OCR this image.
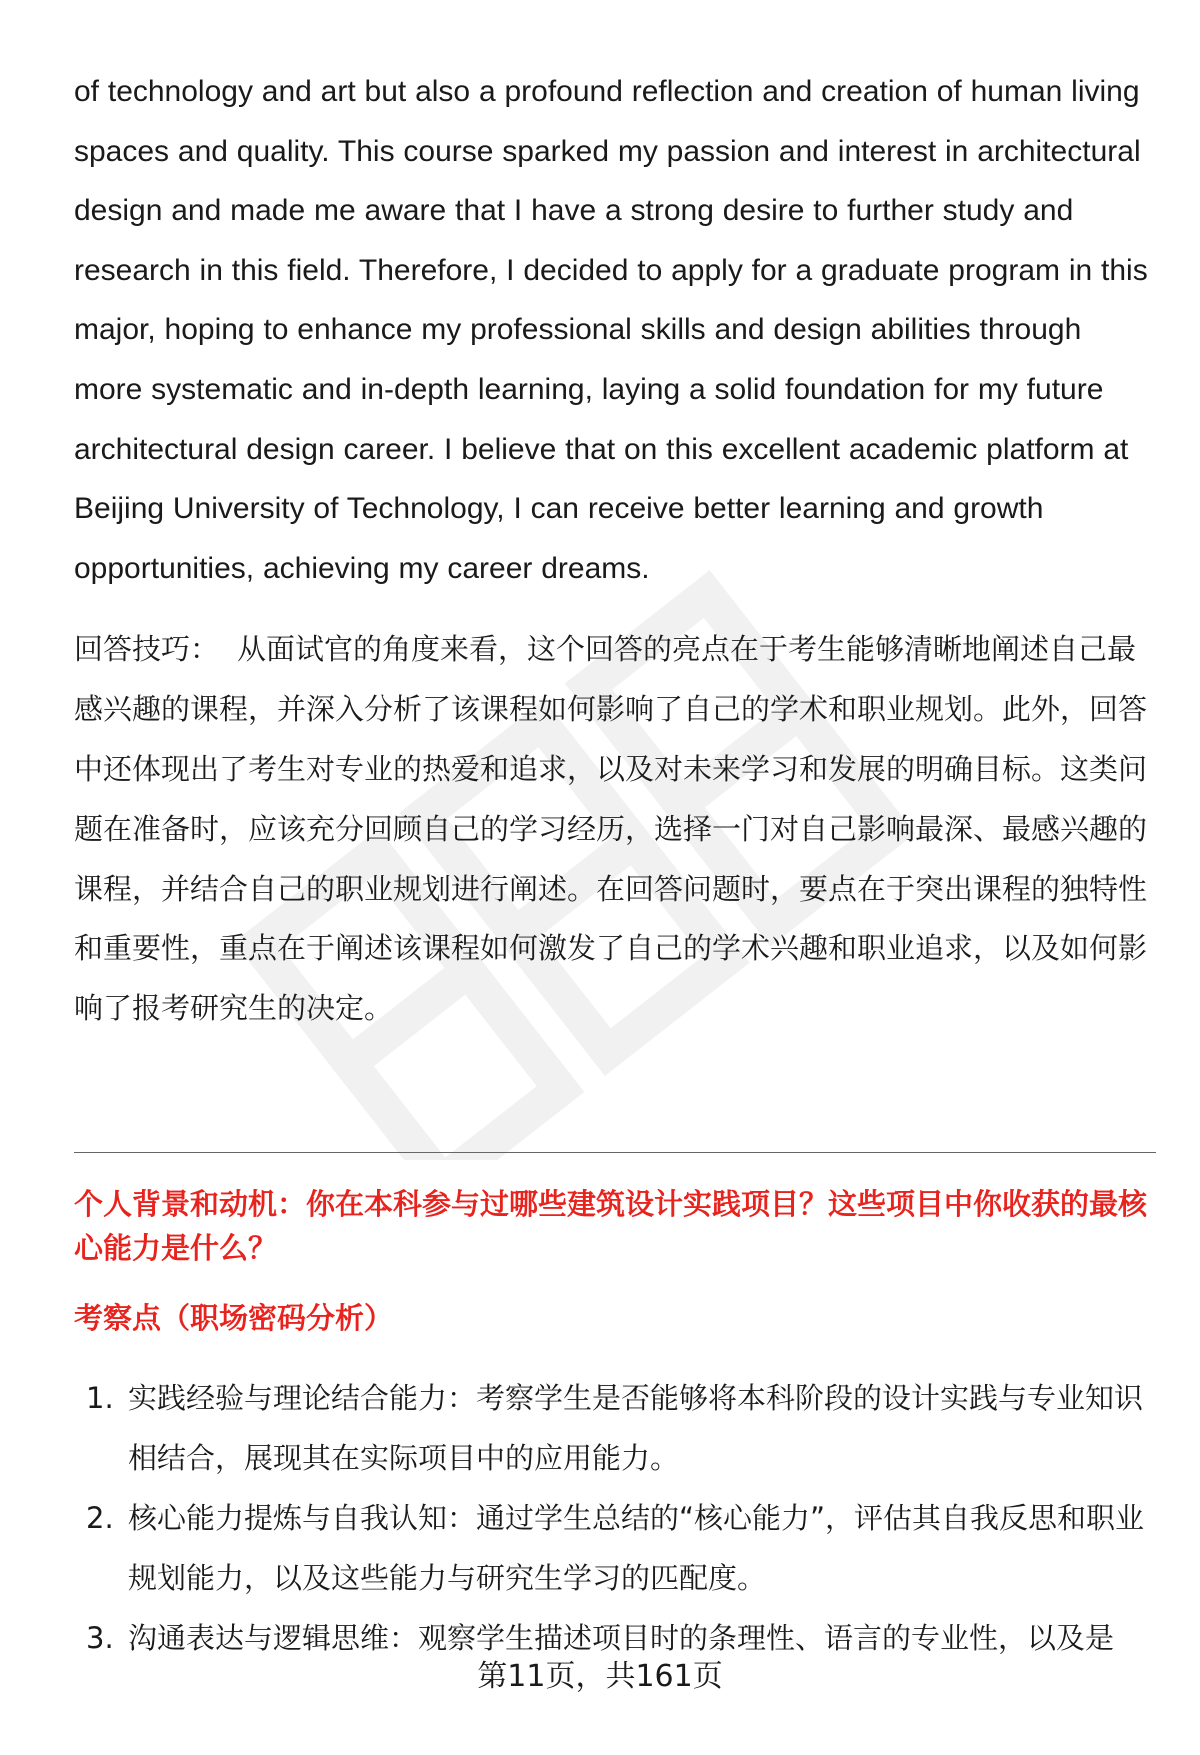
of technology and art but also a profound reflection and creation of human living spaces and quality. This course sparked my passion and interest in architectural design and made me aware that I have a strong desire to further study and research in this field. Therefore, I decided to apply for a graduate program in this major, hoping to enhance my professional skills and design abilities through more systematic and in-depth learning, laying a solid foundation for my future architectural design career. I believe that on this excellent academic platform at Beijing University of Technology, I can receive better learning and growth opportunities, achieving my career dreams.

回答技巧： 从面试官的角度来看，这个回答的亮点在于考生能够清晰地阐述自己最感兴趣的课程，并深入分析了该课程如何影响了自己的学术和职业规划。此外，回答中还体现出了考生对专业的热爱和追求，以及对未来学习和发展的明确目标。这类问题在准备时，应该充分回顾自己的学习经历，选择一门对自己影响最深、最感兴趣的课程，并结合自己的职业规划进行阐述。在回答问题时，要点在于突出课程的独特性和重要性，重点在于阐述该课程如何激发了自己的学术兴趣和职业追求，以及如何影响了报考研究生的决定。

个人背景和动机：你在本科参与过哪些建筑设计实践项目？这些项目中你收获的最核心能力是什么？
考察点（职场密码分析）
1. 实践经验与理论结合能力：考察学生是否能够将本科阶段的设计实践与专业知识相结合，展现其在实际项目中的应用能力。
2. 核心能力提炼与自我认知：通过学生总结的“核心能力”，评估其自我反思和职业规划能力，以及这些能力与研究生学习的匹配度。
3. 沟通表达与逻辑思维：观察学生描述项目时的条理性、语言的专业性，以及是
第11页，共161页
